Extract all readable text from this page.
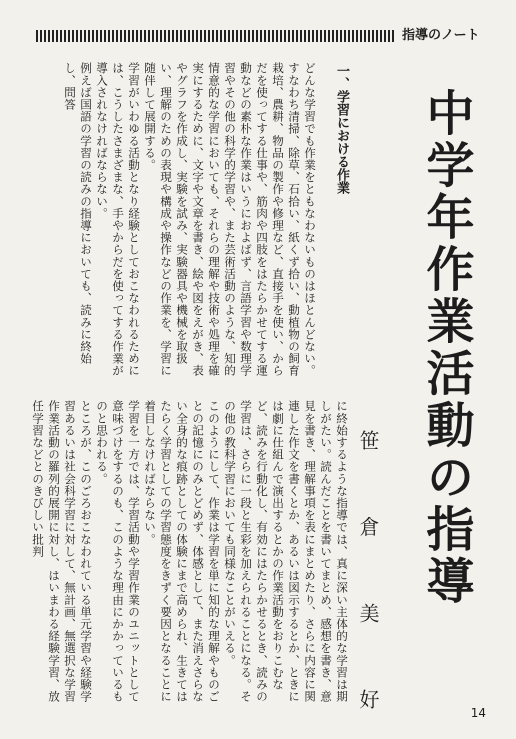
指導のノート
中学年作業活動の指導
笹 倉 美 好
一、学習における作業

どんな学習でも作業をともなわないものはほとんどない。すなわち清掃、除草、石拾い、紙くず拾い、動植物の飼育栽培、農耕、物品の製作や修理など、直接手を使い、からだを使ってする仕事や、筋肉や四肢をはたらかせてする運動などの素朴な作業はいうにおよばず、言語学習や数理学習やその他の科学的学習や、また芸術活動のような、知的情意的な学習においても、それらの理解や技術や処理を確実にするために、文字や文章を書き、絵や図をえがき、表やグラフを作成し、実験を試み、実験器具や機械を取扱い、理解のための表現や構成や操作などの作業を、学習に随伴して展開する。

学習がいわゆる活動となり経験としておこなわれるためには、こうしたさまざまな、手やからだを使ってする作業が導入されなければならない。

例えば国語の学習の読みの指導においても、読みに終始し、問答

に終始するような指導では、真に深い主体的な学習は期しがたい。読んだことを書いてまとめ、感想を書き、意見を書き、理解事項を表にまとめたり、さらに内容に関連した作文を書くとか、あるいは図示するとか、ときには劇に仕組んで演出するとかの作業活動をおりこむなど、読みを行動化し、有効にはたらかせるとき、読みの学習は、さらに一段と生彩を加えられることになる。その他の教科学習においても同様なことがいえる。

このようにして、作業は学習を単に知的な理解やものごとの記憶にのみとどめず、体感として、また消えさらない全身的な痕跡としての体験にまで高められ、生きてはたらく学習としての学習態度をきずく要因となることに着目しなければならない。

学習を一方では、学習活動や学習作業のユニットとして意味づけをするのも、このような理由にかかっているものと思われる。

ところが、このごろおこなわれている単元学習や経験学習あるいは社会科学習に対して、無計画、無選択な学習作業活動の羅列的展開に対し、はいまわる経験学習、放任学習などとのきびしい批判

14
